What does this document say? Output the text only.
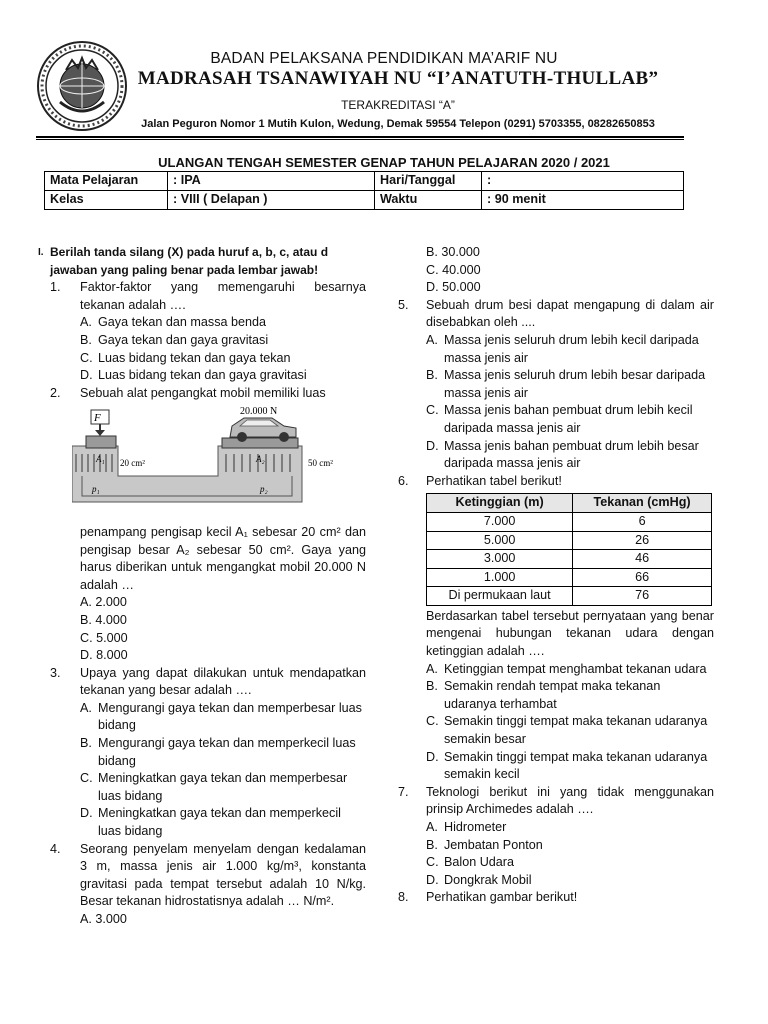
BADAN PELAKSANA PENDIDIKAN MA’ARIF NU
MADRASAH TSANAWIYAH NU “I’ANATUTH-THULLAB”
TERAKREDITASI “A”
Jalan Peguron Nomor 1 Mutih Kulon, Wedung, Demak 59554 Telepon (0291) 5703355, 08282650853
ULANGAN TENGAH SEMESTER GENAP TAHUN PELAJARAN 2020 / 2021
Mata Pelajaran	: IPA	Hari/Tanggal	:
Kelas	: VIII ( Delapan )	Waktu	: 90 menit
I. Berilah tanda silang (X) pada huruf a, b, c, atau d jawaban yang paling benar pada lembar jawab!
1.	Faktor-faktor yang memengaruhi besarnya tekanan adalah ….
A. Gaya tekan dan massa benda
B. Gaya tekan dan gaya gravitasi
C. Luas bidang tekan dan gaya tekan
D. Luas bidang tekan dan gaya gravitasi
2.	Sebuah alat pengangkat mobil memiliki luas
F
20.000 N
20 cm²	50 cm²
A₁	A₂
p₁	p₂
penampang pengisap kecil A₁ sebesar 20 cm² dan pengisap besar A₂ sebesar 50 cm². Gaya yang harus diberikan untuk mengangkat mobil 20.000 N adalah …
A. 2.000
B. 4.000
C. 5.000
D. 8.000
3.	Upaya yang dapat dilakukan untuk mendapatkan tekanan yang besar adalah ….
A. Mengurangi gaya tekan dan memperbesar luas bidang
B. Mengurangi gaya tekan dan memperkecil luas bidang
C. Meningkatkan gaya tekan dan memperbesar luas bidang
D. Meningkatkan gaya tekan dan memperkecil luas bidang
4.	Seorang penyelam menyelam dengan kedalaman 3 m, massa jenis air 1.000 kg/m³, konstanta gravitasi pada tempat tersebut adalah 10 N/kg. Besar tekanan hidrostatisnya adalah … N/m².
A. 3.000
B. 30.000
C. 40.000
D. 50.000
5.	Sebuah drum besi dapat mengapung di dalam air disebabkan oleh ....
A. Massa jenis seluruh drum lebih kecil daripada massa jenis air
B. Massa jenis seluruh drum lebih besar daripada massa jenis air
C. Massa jenis bahan pembuat drum lebih kecil daripada massa jenis air
D. Massa jenis bahan pembuat drum lebih besar daripada massa jenis air
6.	Perhatikan tabel berikut!
Ketinggian (m)	Tekanan (cmHg)
7.000	6
5.000	26
3.000	46
1.000	66
Di permukaan laut	76
Berdasarkan tabel tersebut pernyataan yang benar mengenai hubungan tekanan udara dengan ketinggian adalah ….
A. Ketinggian tempat menghambat tekanan udara
B. Semakin rendah tempat maka tekanan udaranya terhambat
C. Semakin tinggi tempat maka tekanan udaranya semakin besar
D. Semakin tinggi tempat maka tekanan udaranya semakin kecil
7.	Teknologi berikut ini yang tidak menggunakan prinsip Archimedes adalah ….
A. Hidrometer
B. Jembatan Ponton
C. Balon Udara
D. Dongkrak Mobil
8.	Perhatikan gambar berikut!
